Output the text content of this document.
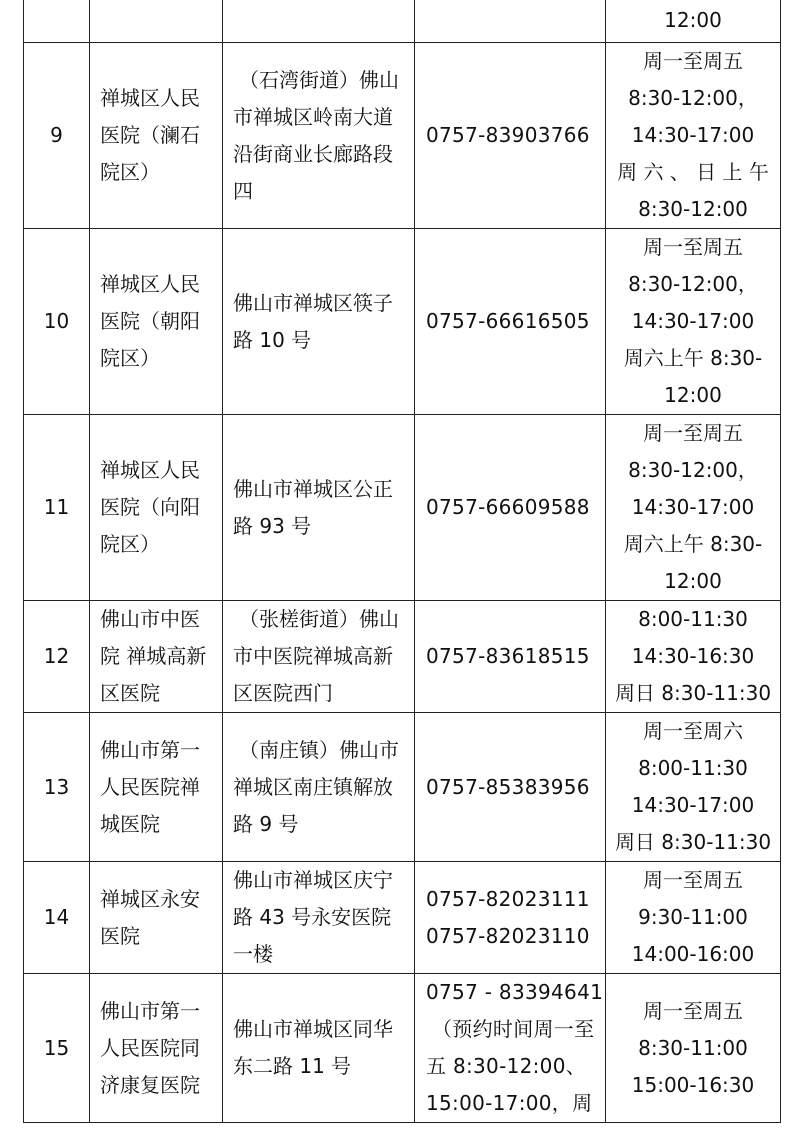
				12:00

9	禅城区人民
医院（澜石
院区）	（石湾街道）佛山
市禅城区岭南大道
沿街商业长廊路段
四	0757-83903766	周一至周五
8:30-12:00，
14:30-17:00
周 六 、 日 上 午
8:30-12:00

10	禅城区人民
医院（朝阳
院区）	佛山市禅城区筷子
路 10 号	0757-66616505	周一至周五
8:30-12:00，
14:30-17:00
周六上午 8:30-
12:00

11	禅城区人民
医院（向阳
院区）	佛山市禅城区公正
路 93 号	0757-66609588	周一至周五
8:30-12:00，
14:30-17:00
周六上午 8:30-
12:00

12	佛山市中医
院 禅城高新
区医院	（张槎街道）佛山
市中医院禅城高新
区医院西门	0757-83618515	8:00-11:30
14:30-16:30
周日 8:30-11:30

13	佛山市第一
人民医院禅
城医院	（南庄镇）佛山市
禅城区南庄镇解放
路 9 号	0757-85383956	周一至周六
8:00-11:30
14:30-17:00
周日 8:30-11:30

14	禅城区永安
医院	佛山市禅城区庆宁
路 43 号永安医院
一楼	0757-82023111
0757-82023110	周一至周五
9:30-11:00
14:00-16:00

15	佛山市第一
人民医院同
济康复医院	佛山市禅城区同华
东二路 11 号	0757 - 83394641
（预约时间周一至
五 8:30-12:00、
15:00-17:00，周	周一至周五
8:30-11:00
15:00-16:30
